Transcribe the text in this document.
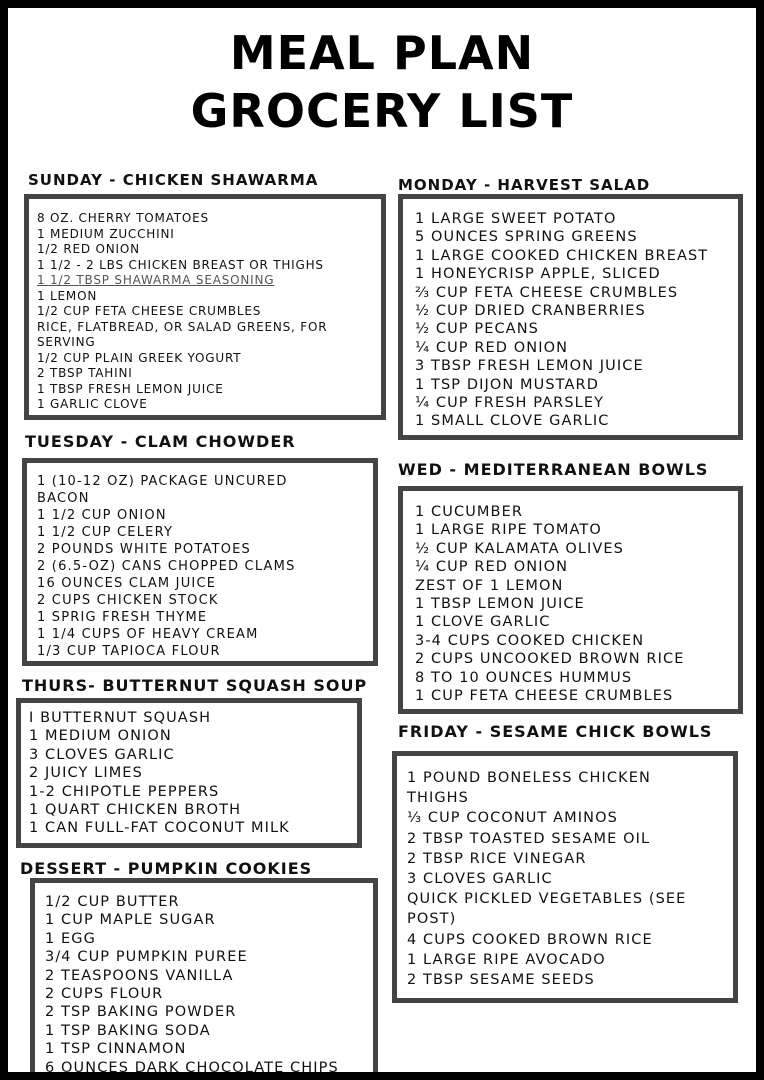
MEAL PLAN
GROCERY LIST
SUNDAY - CHICKEN SHAWARMA
8 OZ. CHERRY TOMATOES
1 MEDIUM ZUCCHINI
1/2 RED ONION
1 1/2 - 2 LBS CHICKEN BREAST OR THIGHS
1 1/2 TBSP SHAWARMA SEASONING
1 LEMON
1/2 CUP FETA CHEESE CRUMBLES
RICE, FLATBREAD, OR SALAD GREENS, FOR SERVING
1/2 CUP PLAIN GREEK YOGURT
2 TBSP TAHINI
1 TBSP FRESH LEMON JUICE
1 GARLIC CLOVE
MONDAY - HARVEST SALAD
1 LARGE SWEET POTATO
5 OUNCES SPRING GREENS
1 LARGE COOKED CHICKEN BREAST
1 HONEYCRISP APPLE, SLICED
⅔ CUP FETA CHEESE CRUMBLES
½ CUP DRIED CRANBERRIES
½ CUP PECANS
¼ CUP RED ONION
3 TBSP FRESH LEMON JUICE
1 TSP DIJON MUSTARD
¼ CUP FRESH PARSLEY
1 SMALL CLOVE GARLIC
TUESDAY - CLAM CHOWDER
1 (10-12 OZ) PACKAGE UNCURED BACON
1 1/2 CUP ONION
1 1/2 CUP CELERY
2 POUNDS WHITE POTATOES
2 (6.5-OZ) CANS CHOPPED CLAMS
16 OUNCES CLAM JUICE
2 CUPS CHICKEN STOCK
1 SPRIG FRESH THYME
1 1/4 CUPS OF HEAVY CREAM
1/3 CUP TAPIOCA FLOUR
WED - MEDITERRANEAN BOWLS
1 CUCUMBER
1 LARGE RIPE TOMATO
½ CUP KALAMATA OLIVES
¼ CUP RED ONION
ZEST OF 1 LEMON
1 TBSP LEMON JUICE
1 CLOVE GARLIC
3-4 CUPS COOKED CHICKEN
2 CUPS UNCOOKED BROWN RICE
8 TO 10 OUNCES HUMMUS
1 CUP FETA CHEESE CRUMBLES
THURS- BUTTERNUT SQUASH SOUP
I BUTTERNUT SQUASH
1 MEDIUM ONION
3 CLOVES GARLIC
2 JUICY LIMES
1-2 CHIPOTLE PEPPERS
1 QUART CHICKEN BROTH
1 CAN FULL-FAT COCONUT MILK
FRIDAY - SESAME CHICK BOWLS
1 POUND BONELESS CHICKEN THIGHS
⅓ CUP COCONUT AMINOS
2 TBSP TOASTED SESAME OIL
2 TBSP RICE VINEGAR
3 CLOVES GARLIC
QUICK PICKLED VEGETABLES (SEE POST)
4 CUPS COOKED BROWN RICE
1 LARGE RIPE AVOCADO
2 TBSP SESAME SEEDS
DESSERT - PUMPKIN COOKIES
1/2 CUP BUTTER
1 CUP MAPLE SUGAR
1 EGG
3/4 CUP PUMPKIN PUREE
2 TEASPOONS VANILLA
2 CUPS FLOUR
2 TSP BAKING POWDER
1 TSP BAKING SODA
1 TSP CINNAMON
6 OUNCES DARK CHOCOLATE CHIPS
